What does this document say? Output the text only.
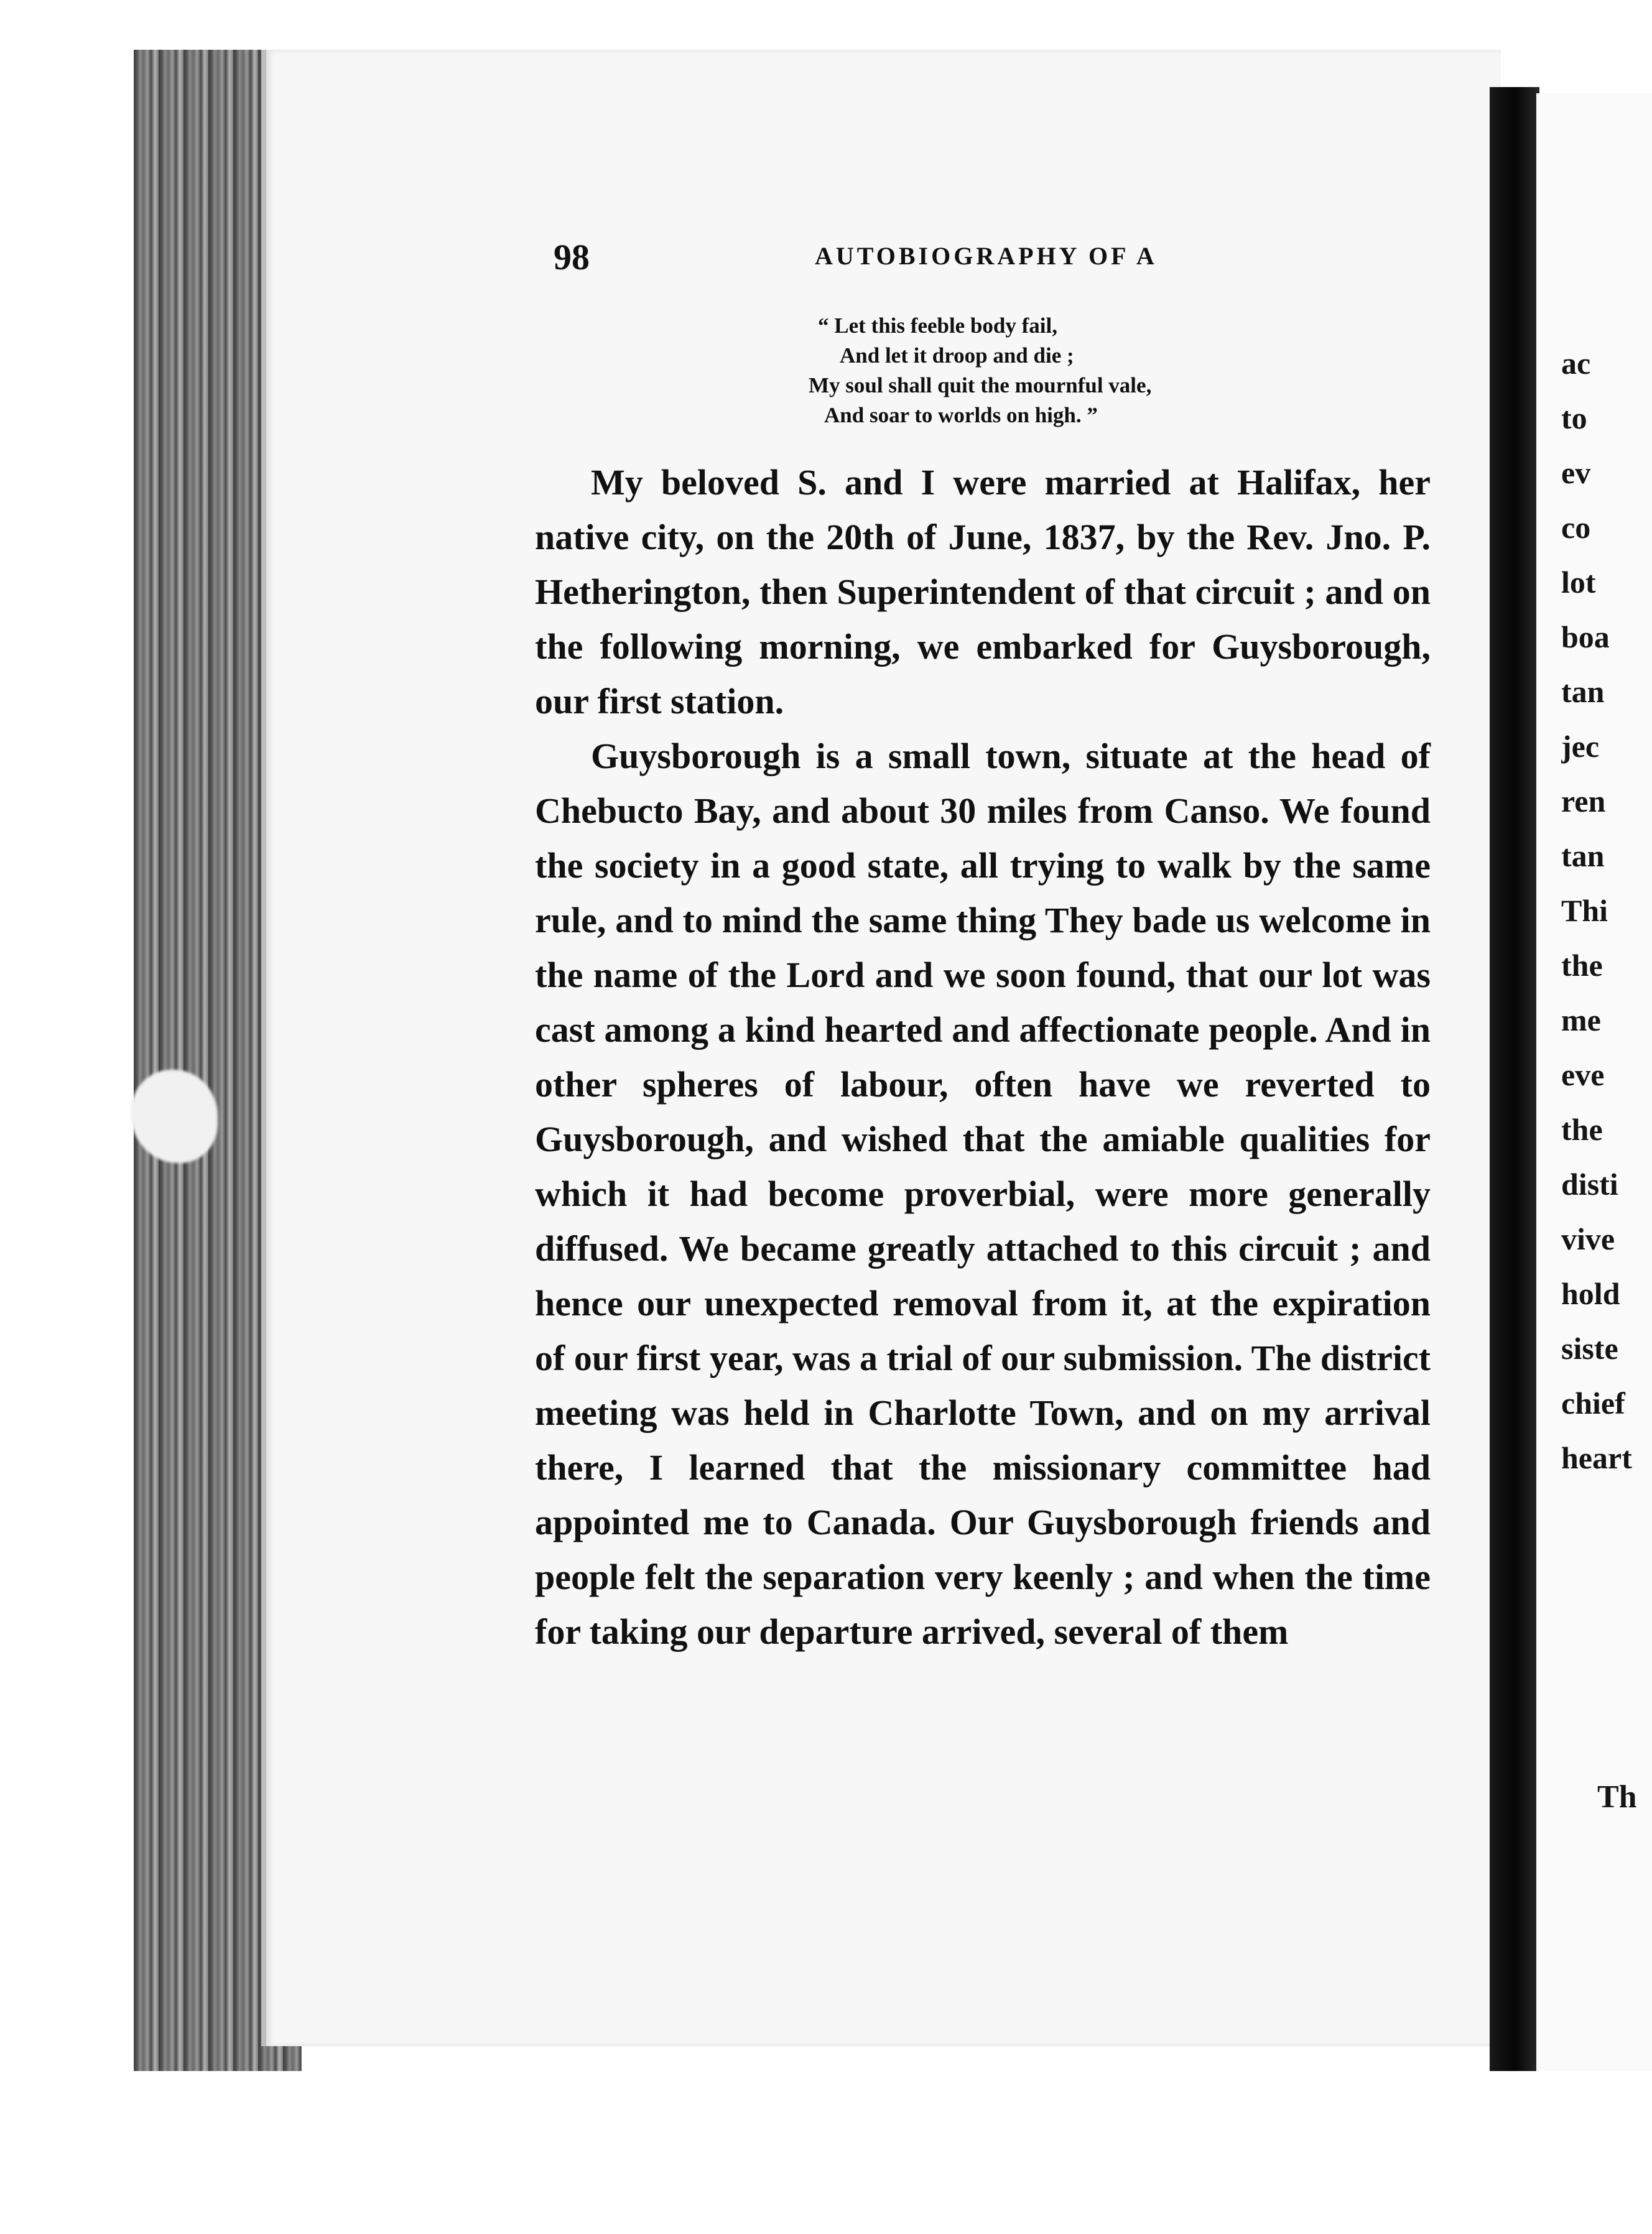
98	AUTOBIOGRAPHY OF A
“ Let this feeble body fail,
And let it droop and die ;
My soul shall quit the mournful vale,
And soar to worlds on high. ”

My beloved S. and I were married at Halifax, her native city, on the 20th of June, 1837, by the Rev. Jno. P. Hetherington, then Superintendent of that circuit ; and on the following morning, we embarked for Guysborough, our first station.

Guysborough is a small town, situate at the head of Chebucto Bay, and about 30 miles from Canso. We found the society in a good state, all trying to walk by the same rule, and to mind the same thing They bade us welcome in the name of the Lord and we soon found, that our lot was cast among a kind hearted and affectionate people. And in other spheres of labour, often have we reverted to Guysborough, and wished that the amiable qualities for which it had become proverbial, were more generally diffused. We became greatly attached to this circuit ; and hence our unexpected removal from it, at the expiration of our first year, was a trial of our submission. The district meeting was held in Charlotte Town, and on my arrival there, I learned that the missionary committee had appointed me to Canada. Our Guysborough friends and people felt the separation very keenly ; and when the time for taking our departure arrived, several of them

ac
to
ev
co
lot
boa
tan
jec
ren
tan
Thi
the
me
eve
the
disti
vive
hold
siste
chief
heart
Th
